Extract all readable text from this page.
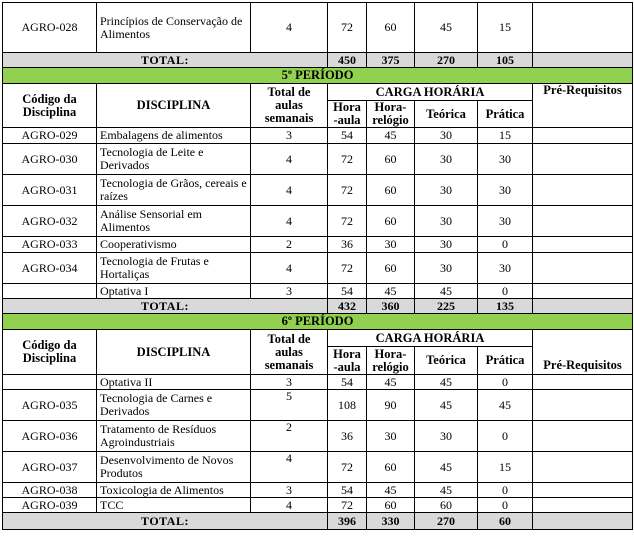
AGRO-028	Princípios de Conservação de Alimentos	4	72	60	45	15	
TOTAL:			450	375	270	105	
5º PERÍODO							
Código da Disciplina	DISCIPLINA	Total de aulas semanais	CARGA HORÁRIA				Pré-Requisitos
			Hora -aula	Hora-relógio	Teórica	Prática	
AGRO-029	Embalagens de alimentos	3	54	45	30	15	
AGRO-030	Tecnologia de Leite e Derivados	4	72	60	30	30	
AGRO-031	Tecnologia de Grãos, cereais e raízes	4	72	60	30	30	
AGRO-032	Análise Sensorial em Alimentos	4	72	60	30	30	
AGRO-033	Cooperativismo	2	36	30	30	0	
AGRO-034	Tecnologia de Frutas e Hortaliças	4	72	60	30	30	
	Optativa I	3	54	45	45	0	
TOTAL:			432	360	225	135	
6º PERÍODO							
Código da Disciplina	DISCIPLINA	Total de aulas semanais	CARGA HORÁRIA				Pré-Requisitos
			Hora -aula	Hora-relógio	Teórica	Prática	
	Optativa II	3	54	45	45	0	
AGRO-035	Tecnologia de Carnes e Derivados	5	108	90	45	45	
AGRO-036	Tratamento de Resíduos Agroindustriais	2	36	30	30	0	
AGRO-037	Desenvolvimento de Novos Produtos	4	72	60	45	15	
AGRO-038	Toxicologia de Alimentos	3	54	45	45	0	
AGRO-039	TCC	4	72	60	60	0	
TOTAL:			396	330	270	60	
